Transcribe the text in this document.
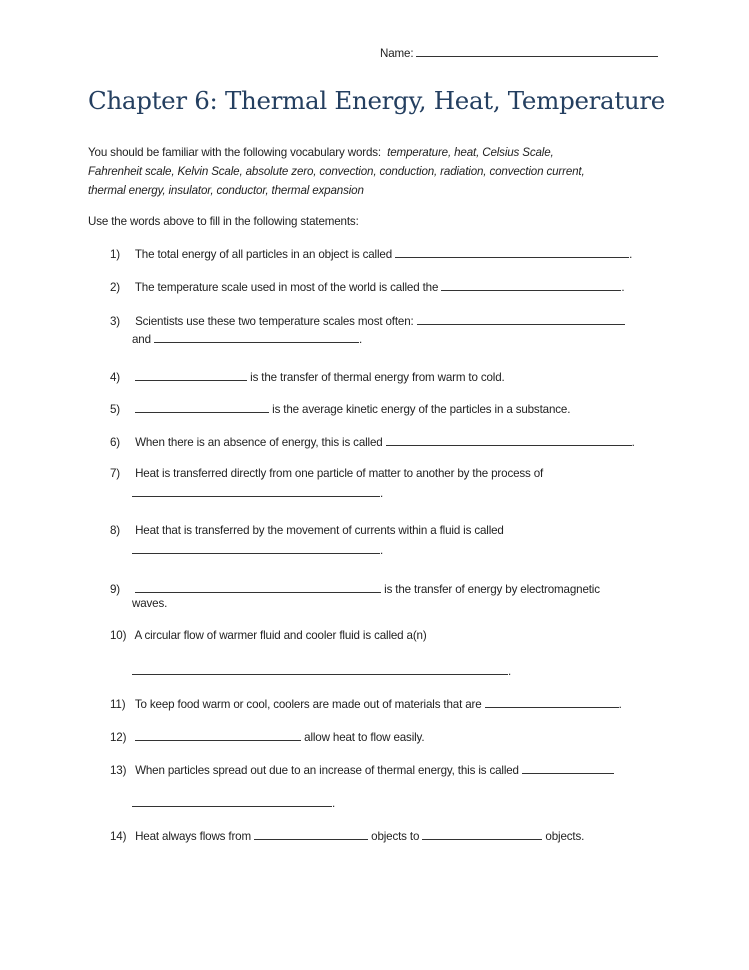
Name:
Chapter 6: Thermal Energy, Heat, Temperature
You should be familiar with the following vocabulary words: temperature, heat, Celsius Scale,
Fahrenheit scale, Kelvin Scale, absolute zero, convection, conduction, radiation, convection current,
thermal energy, insulator, conductor, thermal expansion
Use the words above to fill in the following statements:
1) The total energy of all particles in an object is called	.
2) The temperature scale used in most of the world is called the	.
3) Scientists use these two temperature scales most often:
and	.
4)	is the transfer of thermal energy from warm to cold.
5)	is the average kinetic energy of the particles in a substance.
6) When there is an absence of energy, this is called	.
7) Heat is transferred directly from one particle of matter to another by the process of
.
8) Heat that is transferred by the movement of currents within a fluid is called
.
9)	is the transfer of energy by electromagnetic
waves.
10) A circular flow of warmer fluid and cooler fluid is called a(n)
.
11) To keep food warm or cool, coolers are made out of materials that are	.
12)	allow heat to flow easily.
13) When particles spread out due to an increase of thermal energy, this is called
.
14) Heat always flows from	objects to	objects.
